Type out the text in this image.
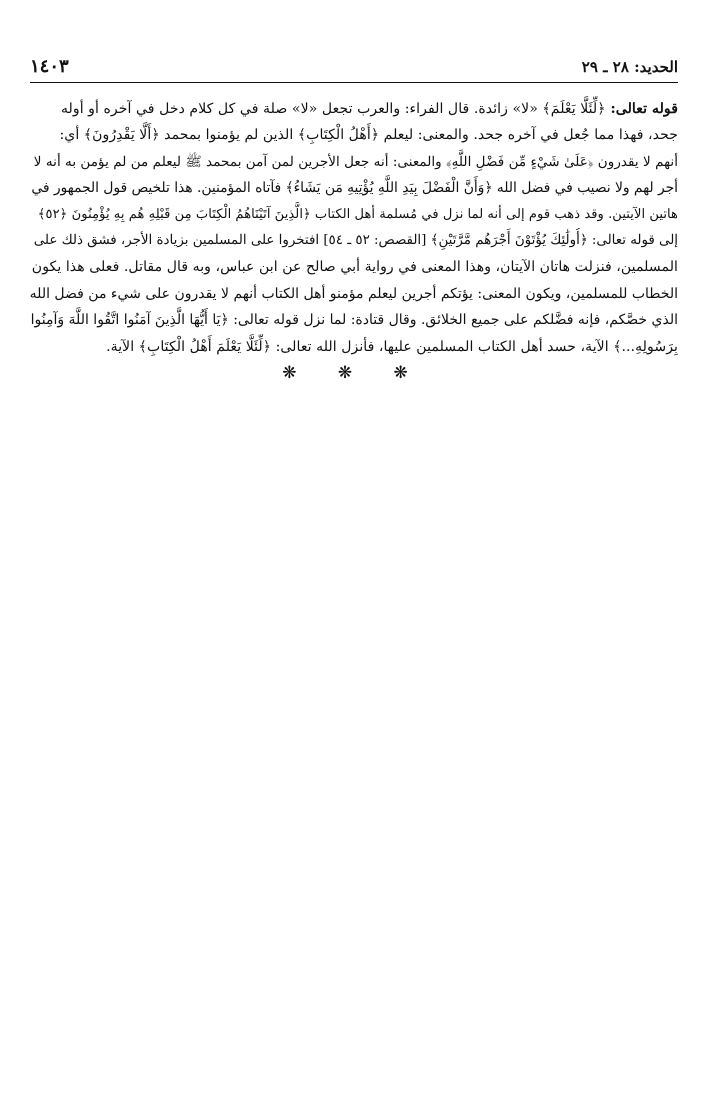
الحديد: ٢٨ ـ ٢٩
١٤٠٣
قوله تعالى: ﴿لِّئَلَّا يَعْلَمَ﴾ «لا» زائدة. قال الفراء: والعرب تجعل «لا» صلة في كل كلام دخل في آخره أو أوله
جحد، فهذا مما جُعل في آخره جحد. والمعنى: ليعلم ﴿أَهْلُ الْكِتَابِ﴾ الذين لم يؤمنوا بمحمد ﴿أَلَّا يَقْدِرُونَ﴾ أي:
أنهم لا يقدرون ﴿عَلَىٰ شَيْءٍ مِّن فَضْلِ اللَّهِ﴾ والمعنى: أنه جعل الأجرين لمن آمن بمحمد ﷺ ليعلم من لم يؤمن به أنه لا
أجر لهم ولا نصيب في فضل الله ﴿وَأَنَّ الْفَضْلَ بِيَدِ اللَّهِ يُؤْتِيهِ مَن يَشَاءُ﴾ فآتاه المؤمنين. هذا تلخيص قول الجمهور في
هاتين الآيتين. وقد ذهب قوم إلى أنه لما نزل في مُسلمة أهل الكتاب ﴿الَّذِينَ آتَيْنَاهُمُ الْكِتَابَ مِن قَبْلِهِ هُم بِهِ يُؤْمِنُونَ ﴿٥٢﴾
إلى قوله تعالى: ﴿أُولَٰئِكَ يُؤْتَوْنَ أَجْرَهُم مَّرَّتَيْنِ﴾ [القصص: ٥٢ ـ ٥٤] افتخروا على المسلمين بزيادة الأجر، فشق ذلك على
المسلمين، فنزلت هاتان الآيتان، وهذا المعنى في رواية أبي صالح عن ابن عباس، وبه قال مقاتل. فعلى هذا يكون
الخطاب للمسلمين، ويكون المعنى: يؤتكم أجرين ليعلم مؤمنو أهل الكتاب أنهم لا يقدرون على شيء من فضل الله
الذي خصَّكم، فإنه فضَّلكم على جميع الخلائق. وقال قتادة: لما نزل قوله تعالى: ﴿يَا أَيُّهَا الَّذِينَ آمَنُوا اتَّقُوا اللَّهَ وَآمِنُوا
بِرَسُولِهِ...﴾ الآية، حسد أهل الكتاب المسلمين عليها، فأنزل الله تعالى: ﴿لِّئَلَّا يَعْلَمَ أَهْلُ الْكِتَابِ﴾ الآية.
❋ ❋ ❋
